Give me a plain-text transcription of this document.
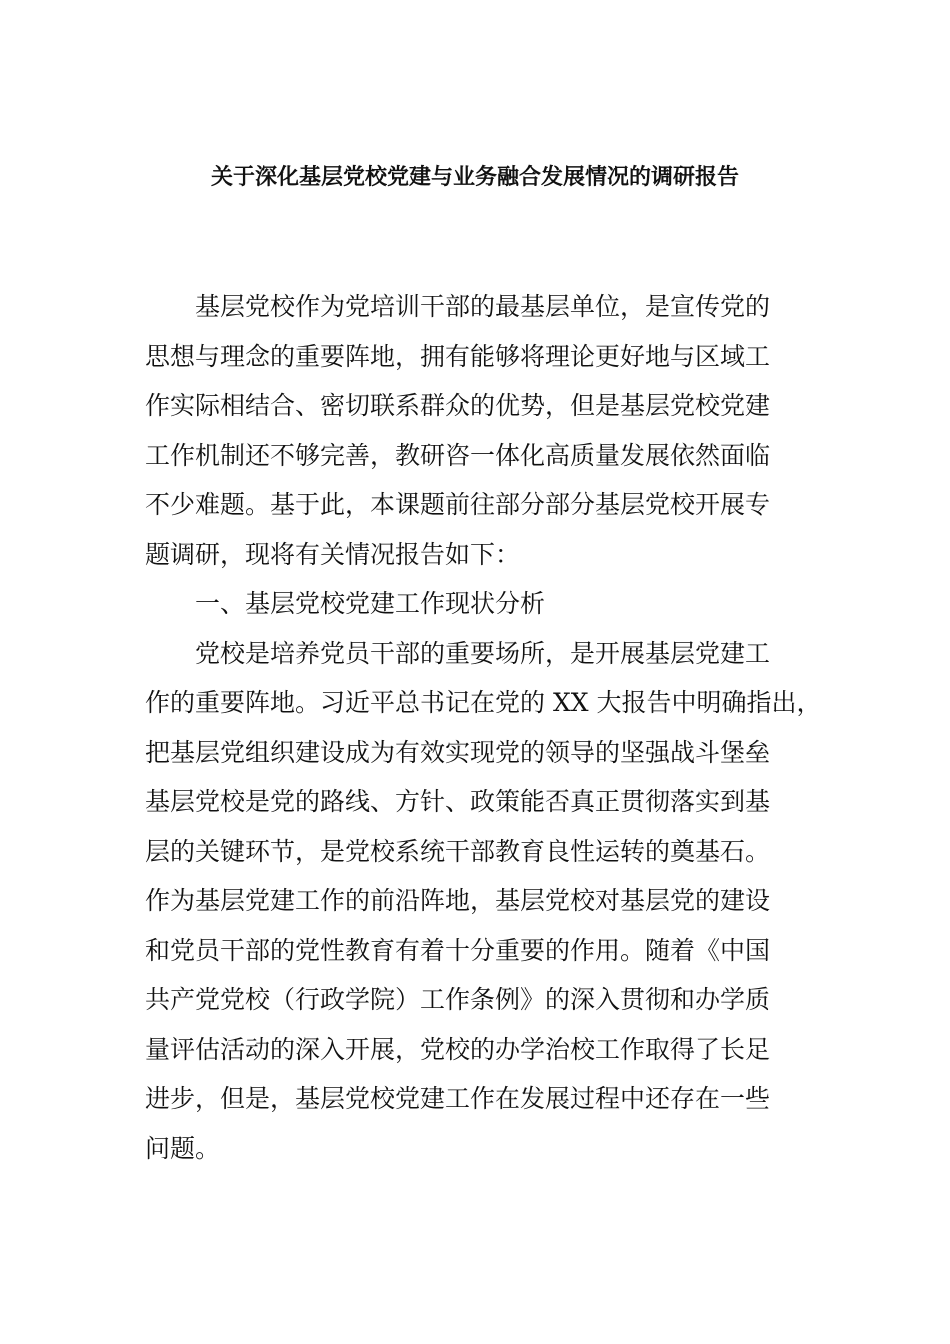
关于深化基层党校党建与业务融合发展情况的调研报告
基层党校作为党培训干部的最基层单位，是宣传党的
思想与理念的重要阵地，拥有能够将理论更好地与区域工
作实际相结合、密切联系群众的优势，但是基层党校党建
工作机制还不够完善，教研咨一体化高质量发展依然面临
不少难题。基于此，本课题前往部分部分基层党校开展专
题调研，现将有关情况报告如下：
一、基层党校党建工作现状分析
党校是培养党员干部的重要场所，是开展基层党建工
作的重要阵地。习近平总书记在党的 XX 大报告中明确指出，
把基层党组织建设成为有效实现党的领导的坚强战斗堡垒
基层党校是党的路线、方针、政策能否真正贯彻落实到基
层的关键环节，是党校系统干部教育良性运转的奠基石。
作为基层党建工作的前沿阵地，基层党校对基层党的建设
和党员干部的党性教育有着十分重要的作用。随着《中国
共产党党校（行政学院）工作条例》的深入贯彻和办学质
量评估活动的深入开展，党校的办学治校工作取得了长足
进步，但是，基层党校党建工作在发展过程中还存在一些
问题。
